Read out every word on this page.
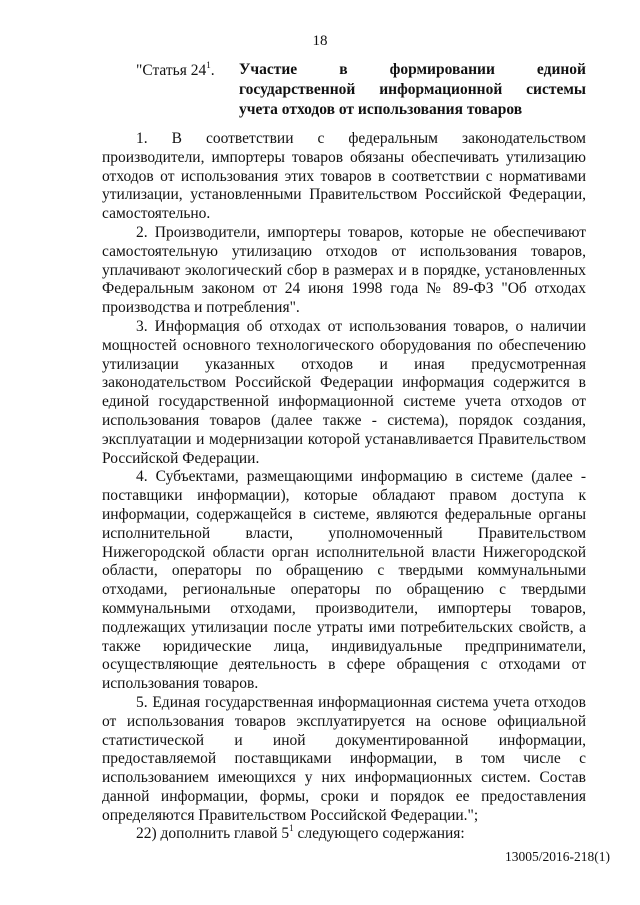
18
"Статья $24^1$. Участие в формировании единой государственной информационной системы учета отходов от использования товаров

1. В соответствии с федеральным законодательством производители, импортеры товаров обязаны обеспечивать утилизацию отходов от использования этих товаров в соответствии с нормативами утилизации, установленными Правительством Российской Федерации, самостоятельно.

2. Производители, импортеры товаров, которые не обеспечивают самостоятельную утилизацию отходов от использования товаров, уплачивают экологический сбор в размерах и в порядке, установленных Федеральным законом от 24 июня 1998 года № 89-ФЗ "Об отходах производства и потребления".

3. Информация об отходах от использования товаров, о наличии мощностей основного технологического оборудования по обеспечению утилизации указанных отходов и иная предусмотренная законодательством Российской Федерации информация содержится в единой государственной информационной системе учета отходов от использования товаров (далее также - система), порядок создания, эксплуатации и модернизации которой устанавливается Правительством Российской Федерации.

4. Субъектами, размещающими информацию в системе (далее - поставщики информации), которые обладают правом доступа к информации, содержащейся в системе, являются федеральные органы исполнительной власти, уполномоченный Правительством Нижегородской области орган исполнительной власти Нижегородской области, операторы по обращению с твердыми коммунальными отходами, региональные операторы по обращению с твердыми коммунальными отходами, производители, импортеры товаров, подлежащих утилизации после утраты ими потребительских свойств, а также юридические лица, индивидуальные предприниматели, осуществляющие деятельность в сфере обращения с отходами от использования товаров.

5. Единая государственная информационная система учета отходов от использования товаров эксплуатируется на основе официальной статистической и иной документированной информации, предоставляемой поставщиками информации, в том числе с использованием имеющихся у них информационных систем. Состав данной информации, формы, сроки и порядок ее предоставления определяются Правительством Российской Федерации.";

22) дополнить главой $5^1$ следующего содержания:

13005/2016-218(1)
